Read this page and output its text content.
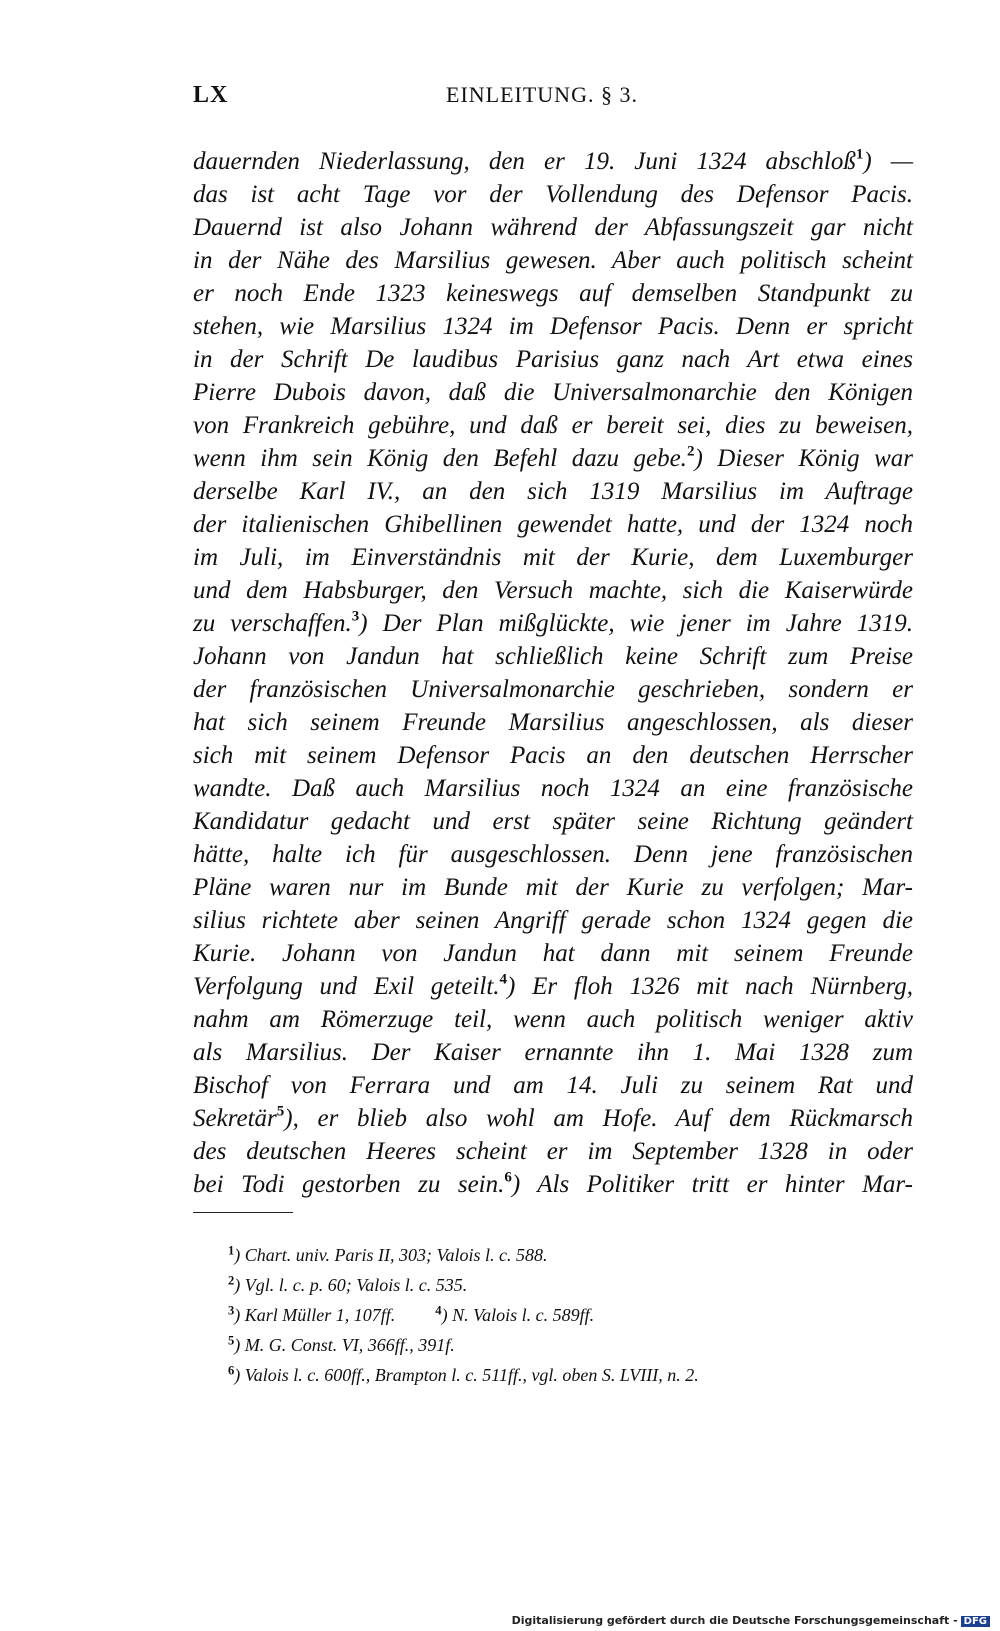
LX	EINLEITUNG. § 3.
dauernden Niederlassung, den er 19. Juni 1324 abschloß$^1$) —
das ist acht Tage vor der Vollendung des Defensor Pacis.
Dauernd ist also Johann während der Abfassungszeit gar nicht
in der Nähe des Marsilius gewesen. Aber auch politisch scheint
er noch Ende 1323 keineswegs auf demselben Standpunkt zu
stehen, wie Marsilius 1324 im Defensor Pacis. Denn er spricht
in der Schrift De laudibus Parisius ganz nach Art etwa eines
Pierre Dubois davon, daß die Universalmonarchie den Königen
von Frankreich gebühre, und daß er bereit sei, dies zu beweisen,
wenn ihm sein König den Befehl dazu gebe.$^2$) Dieser König war
derselbe Karl IV., an den sich 1319 Marsilius im Auftrage
der italienischen Ghibellinen gewendet hatte, und der 1324 noch
im Juli, im Einverständnis mit der Kurie, dem Luxemburger
und dem Habsburger, den Versuch machte, sich die Kaiserwürde
zu verschaffen.$^3$) Der Plan mißglückte, wie jener im Jahre 1319.
Johann von Jandun hat schließlich keine Schrift zum Preise
der französischen Universalmonarchie geschrieben, sondern er
hat sich seinem Freunde Marsilius angeschlossen, als dieser
sich mit seinem Defensor Pacis an den deutschen Herrscher
wandte. Daß auch Marsilius noch 1324 an eine französische
Kandidatur gedacht und erst später seine Richtung geändert
hätte, halte ich für ausgeschlossen. Denn jene französischen
Pläne waren nur im Bunde mit der Kurie zu verfolgen; Mar-
silius richtete aber seinen Angriff gerade schon 1324 gegen die
Kurie. Johann von Jandun hat dann mit seinem Freunde
Verfolgung und Exil geteilt.$^4$) Er floh 1326 mit nach Nürnberg,
nahm am Römerzuge teil, wenn auch politisch weniger aktiv
als Marsilius. Der Kaiser ernannte ihn 1. Mai 1328 zum
Bischof von Ferrara und am 14. Juli zu seinem Rat und
Sekretär$^5$), er blieb also wohl am Hofe. Auf dem Rückmarsch
des deutschen Heeres scheint er im September 1328 in oder
bei Todi gestorben zu sein.$^6$) Als Politiker tritt er hinter Mar-
$^1$) Chart. univ. Paris II, 303; Valois l. c. 588.
$^2$) Vgl. l. c. p. 60; Valois l. c. 535.
$^3$) Karl Müller 1, 107ff.	$^4$) N. Valois l. c. 589ff.
$^5$) M. G. Const. VI, 366ff., 391f.
$^6$) Valois l. c. 600ff., Brampton l. c. 511ff., vgl. oben S. LVIII, n. 2.
Digitalisierung gefördert durch die Deutsche Forschungsgemeinschaft - DFG
